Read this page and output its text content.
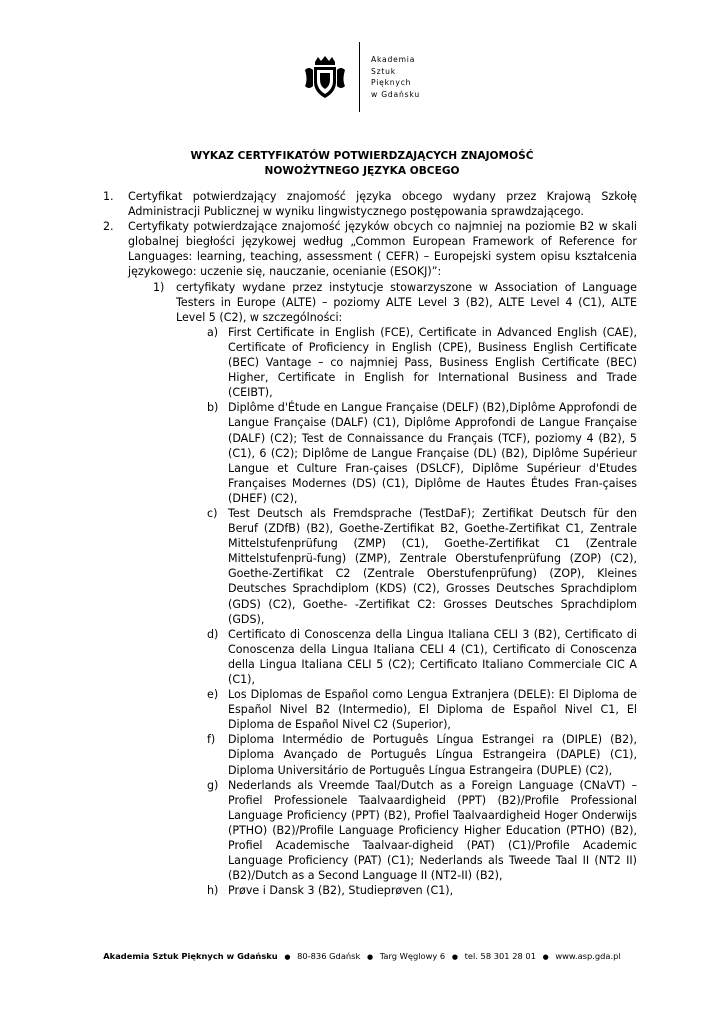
Akademia
Sztuk
Pięknych
w Gdańsku
WYKAZ CERTYFIKATÓW POTWIERDZAJĄCYCH ZNAJOMOŚĆ
NOWOŻYTNEGO JĘZYKA OBCEGO
1. Certyfikat potwierdzający znajomość języka obcego wydany przez Krajową Szkołę Administracji Publicznej w wyniku lingwistycznego postępowania sprawdzającego.
2. Certyfikaty potwierdzające znajomość języków obcych co najmniej na poziomie B2 w skali globalnej biegłości językowej według „Common European Framework of Reference for Languages: learning, teaching, assessment ( CEFR) – Europejski system opisu kształcenia językowego: uczenie się, nauczanie, ocenianie (ESOKJ)”:
1) certyfikaty wydane przez instytucje stowarzyszone w Association of Language Testers in Europe (ALTE) – poziomy ALTE Level 3 (B2), ALTE Level 4 (C1), ALTE Level 5 (C2), w szczególności:
a) First Certificate in English (FCE), Certificate in Advanced English (CAE), Certificate of Proficiency in English (CPE), Business English Certificate (BEC) Vantage – co najmniej Pass, Business English Certificate (BEC) Higher, Certificate in English for International Business and Trade (CEIBT),
b) Diplôme d'Étude en Langue Française (DELF) (B2),Diplôme Approfondi de Langue Française (DALF) (C1), Diplôme Approfondi de Langue Française (DALF) (C2); Test de Connaissance du Français (TCF), poziomy 4 (B2), 5 (C1), 6 (C2); Diplôme de Langue Française (DL) (B2), Diplôme Supérieur Langue et Culture Fran-çaises (DSLCF), Diplôme Supérieur d'Etudes Françaises Modernes (DS) (C1), Diplôme de Hautes Études Fran-çaises (DHEF) (C2),
c) Test Deutsch als Fremdsprache (TestDaF); Zertifikat Deutsch für den Beruf (ZDfB) (B2), Goethe-Zertifikat B2, Goethe-Zertifikat C1, Zentrale Mittelstufenprüfung (ZMP) (C1), Goethe-Zertifikat C1 (Zentrale Mittelstufenprü-fung) (ZMP), Zentrale Oberstufenprüfung (ZOP) (C2), Goethe-Zertifikat C2 (Zentrale Oberstufenprüfung) (ZOP), Kleines Deutsches Sprachdiplom (KDS) (C2), Grosses Deutsches Sprachdiplom (GDS) (C2), Goethe- -Zertifikat C2: Grosses Deutsches Sprachdiplom (GDS),
d) Certificato di Conoscenza della Lingua Italiana CELI 3 (B2), Certificato di Conoscenza della Lingua Italiana CELI 4 (C1), Certificato di Conoscenza della Lingua Italiana CELI 5 (C2); Certificato Italiano Commerciale CIC A (C1),
e) Los Diplomas de Español como Lengua Extranjera (DELE): El Diploma de Español Nivel B2 (Intermedio), El Diploma de Español Nivel C1, El Diploma de Español Nivel C2 (Superior),
f) Diploma Intermédio de Português Língua Estrangei ra (DIPLE) (B2), Diploma Avançado de Português Língua Estrangeira (DAPLE) (C1), Diploma Universitário de Português Língua Estrangeira (DUPLE) (C2),
g) Nederlands als Vreemde Taal/Dutch as a Foreign Language (CNaVT) – Profiel Professionele Taalvaardigheid (PPT) (B2)/Profile Professional Language Proficiency (PPT) (B2), Profiel Taalvaardigheid Hoger Onderwijs (PTHO) (B2)/Profile Language Proficiency Higher Education (PTHO) (B2), Profiel Academische Taalvaar-digheid (PAT) (C1)/Profile Academic Language Proficiency (PAT) (C1); Nederlands als Tweede Taal II (NT2 II) (B2)/Dutch as a Second Language II (NT2-II) (B2),
h) Prøve i Dansk 3 (B2), Studieprøven (C1),
Akademia Sztuk Pięknych w Gdańsku ● 80-836 Gdańsk ● Targ Węglowy 6 ● tel. 58 301 28 01 ● www.asp.gda.pl
